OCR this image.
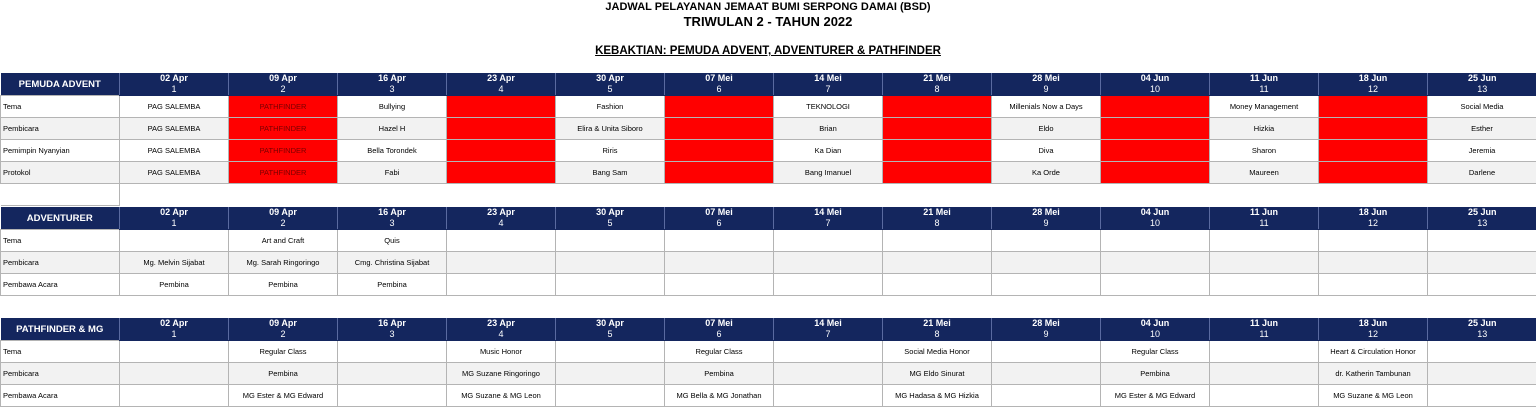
JADWAL PELAYANAN JEMAAT BUMI SERPONG DAMAI (BSD)
TRIWULAN 2 - TAHUN 2022
KEBAKTIAN: PEMUDA ADVENT, ADVENTURER & PATHFINDER
PEMUDA ADVENT	02 Apr	09 Apr	16 Apr	23 Apr	30 Apr	07 Mei	14 Mei	21 Mei	28 Mei	04 Jun	11 Jun	18 Jun	25 Jun
	1	2	3	4	5	6	7	8	9	10	11	12	13
Tema	PAG SALEMBA	PATHFINDER	Bullying		Fashion		TEKNOLOGI		Millenials Now a Days		Money Management		Social Media
Pembicara	PAG SALEMBA	PATHFINDER	Hazel H		Elira & Unita Siboro		Brian		Eldo		Hizkia		Esther
Pemimpin Nyanyian	PAG SALEMBA	PATHFINDER	Bella Torondek		Riris		Ka Dian		Diva		Sharon		Jeremia
Protokol	PAG SALEMBA	PATHFINDER	Fabi		Bang Sam		Bang Imanuel		Ka Orde		Maureen		Darlene

ADVENTURER	02 Apr	09 Apr	16 Apr	23 Apr	30 Apr	07 Mei	14 Mei	21 Mei	28 Mei	04 Jun	11 Jun	18 Jun	25 Jun
	1	2	3	4	5	6	7	8	9	10	11	12	13
Tema		Art and Craft	Quis										
Pembicara	Mg. Melvin Sijabat	Mg. Sarah Ringoringo	Cmg. Christina Sijabat										
Pembawa Acara	Pembina	Pembina	Pembina										
PATHFINDER & MG	02 Apr	09 Apr	16 Apr	23 Apr	30 Apr	07 Mei	14 Mei	21 Mei	28 Mei	04 Jun	11 Jun	18 Jun	25 Jun
	1	2	3	4	5	6	7	8	9	10	11	12	13
Tema		Regular Class		Music Honor		Regular Class		Social Media Honor		Regular Class		Heart & Circulation Honor	
Pembicara		Pembina		MG Suzane Ringoringo		Pembina		MG Eldo Sinurat		Pembina		dr. Katherin Tambunan	
Pembawa Acara		MG Ester & MG Edward		MG Suzane & MG Leon		MG Bella & MG Jonathan		MG Hadasa & MG Hizkia		MG Ester & MG Edward		MG Suzane & MG Leon	
